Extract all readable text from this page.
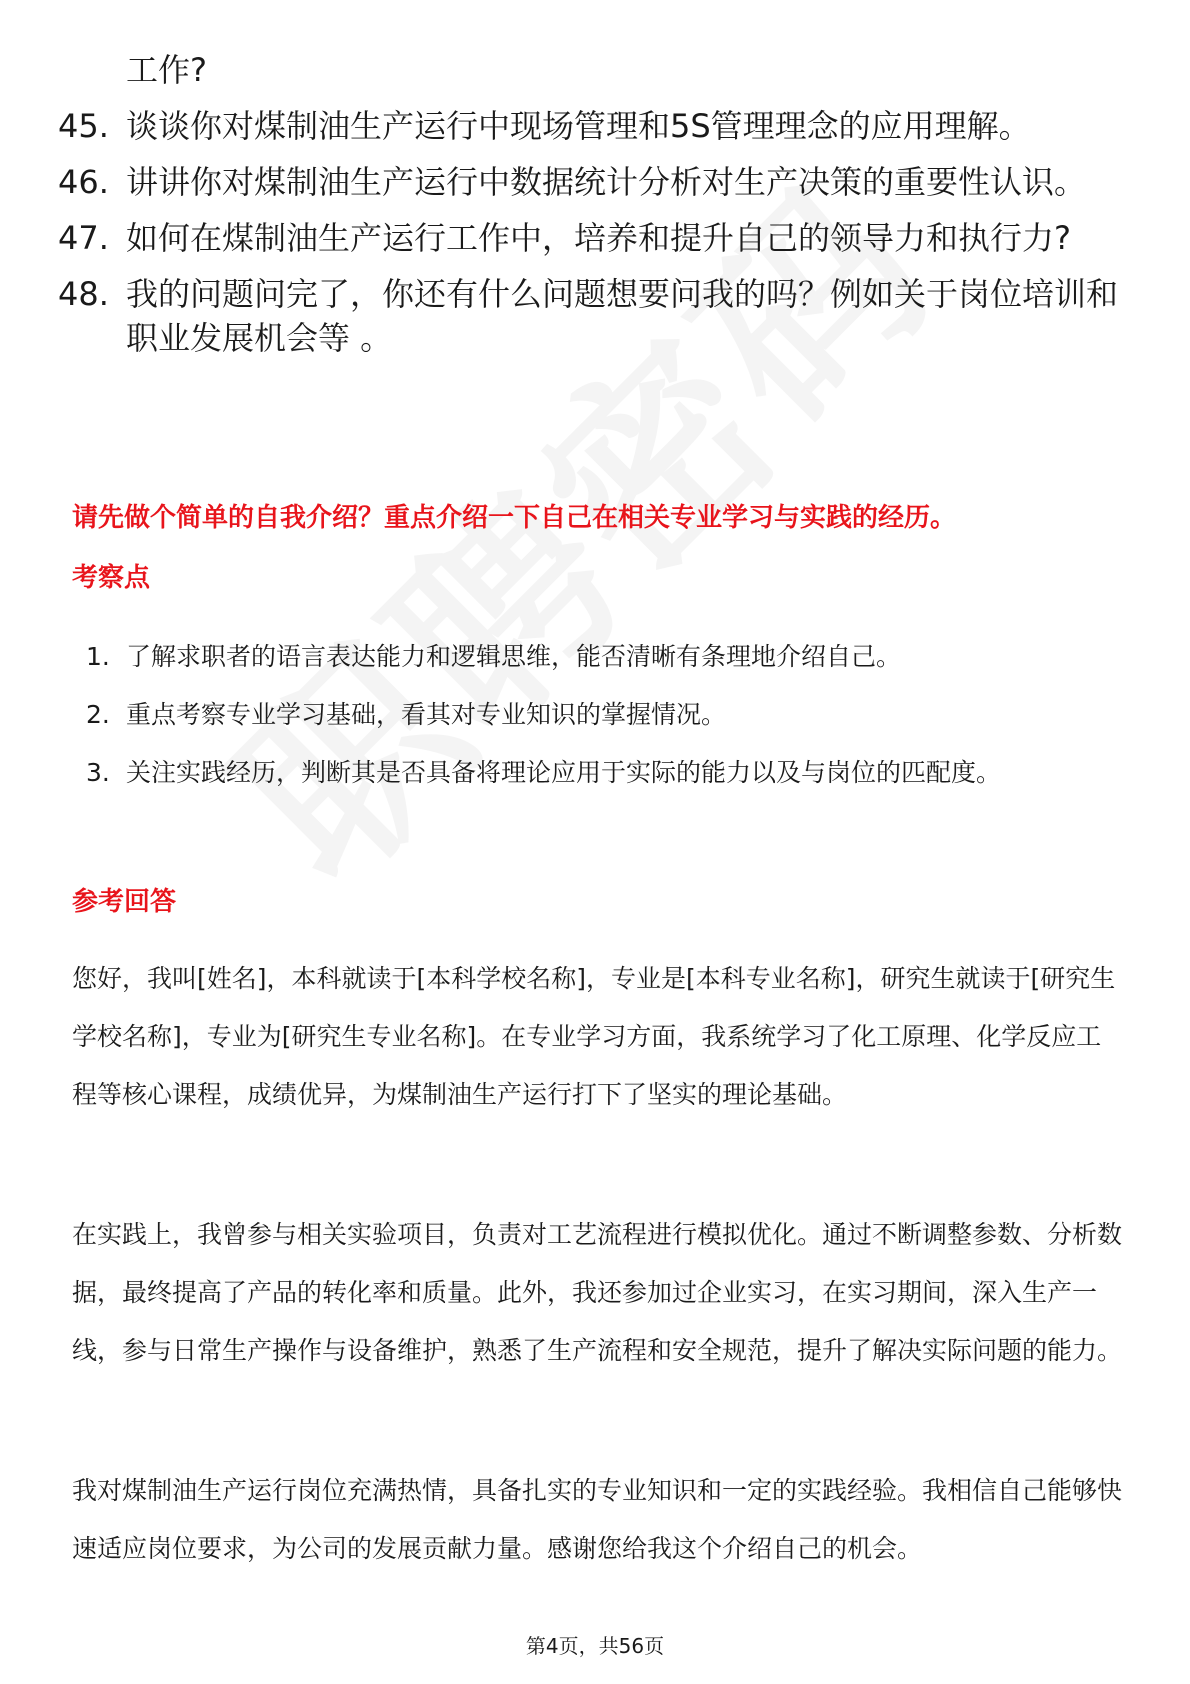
工作?
45. 谈谈你对煤制油生产运行中现场管理和5S管理理念的应用理解。
46. 讲讲你对煤制油生产运行中数据统计分析对生产决策的重要性认识。
47. 如何在煤制油生产运行工作中，培养和提升自己的领导力和执行力?
48. 我的问题问完了，你还有什么问题想要问我的吗？例如关于岗位培训和职业发展机会等 。
请先做个简单的自我介绍？重点介绍一下自己在相关专业学习与实践的经历。
考察点
1. 了解求职者的语言表达能力和逻辑思维，能否清晰有条理地介绍自己。
2. 重点考察专业学习基础，看其对专业知识的掌握情况。
3. 关注实践经历，判断其是否具备将理论应用于实际的能力以及与岗位的匹配度。
参考回答
您好，我叫[姓名]，本科就读于[本科学校名称]，专业是[本科专业名称]，研究生就读于[研究生学校名称]，专业为[研究生专业名称]。在专业学习方面，我系统学习了化工原理、化学反应工程等核心课程，成绩优异，为煤制油生产运行打下了坚实的理论基础。
在实践上，我曾参与相关实验项目，负责对工艺流程进行模拟优化。通过不断调整参数、分析数据，最终提高了产品的转化率和质量。此外，我还参加过企业实习，在实习期间，深入生产一线，参与日常生产操作与设备维护，熟悉了生产流程和安全规范，提升了解决实际问题的能力。
我对煤制油生产运行岗位充满热情，具备扎实的专业知识和一定的实践经验。我相信自己能够快速适应岗位要求，为公司的发展贡献力量。感谢您给我这个介绍自己的机会。
第4页，共56页
